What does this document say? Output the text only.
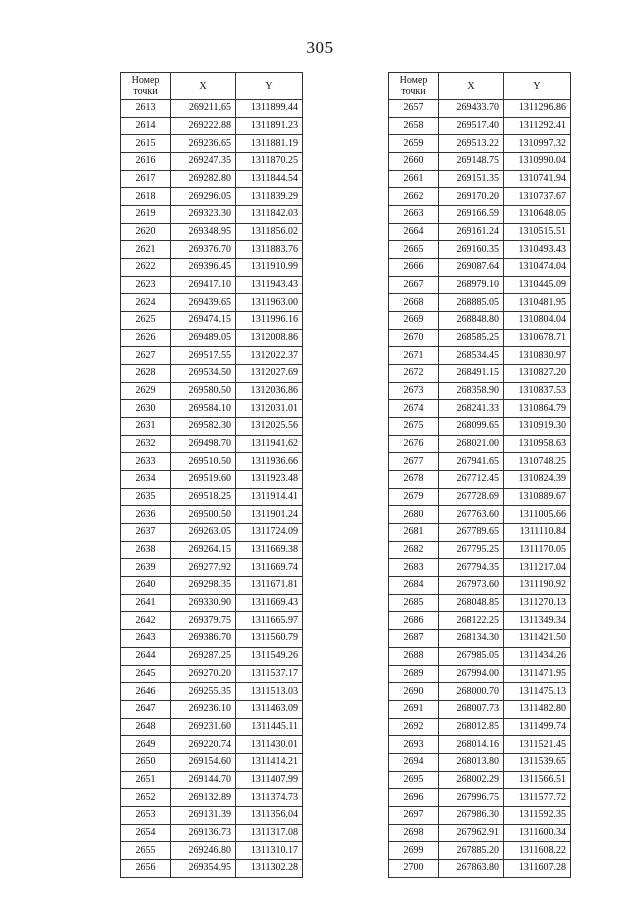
305
Номер
точки	X	Y
2613	269211.65	1311899.44
2614	269222.88	1311891.23
2615	269236.65	1311881.19
2616	269247.35	1311870.25
2617	269282.80	1311844.54
2618	269296.05	1311839.29
2619	269323.30	1311842.03
2620	269348.95	1311856.02
2621	269376.70	1311883.76
2622	269396.45	1311910.99
2623	269417.10	1311943.43
2624	269439.65	1311963.00
2625	269474.15	1311996.16
2626	269489.05	1312008.86
2627	269517.55	1312022.37
2628	269534.50	1312027.69
2629	269580.50	1312036.86
2630	269584.10	1312031.01
2631	269582.30	1312025.56
2632	269498.70	1311941.62
2633	269510.50	1311936.66
2634	269519.60	1311923.48
2635	269518.25	1311914.41
2636	269500.50	1311901.24
2637	269263.05	1311724.09
2638	269264.15	1311669.38
2639	269277.92	1311669.74
2640	269298.35	1311671.81
2641	269330.90	1311669.43
2642	269379.75	1311665.97
2643	269386.70	1311560.79
2644	269287.25	1311549.26
2645	269270.20	1311537.17
2646	269255.35	1311513.03
2647	269236.10	1311463.09
2648	269231.60	1311445.11
2649	269220.74	1311430.01
2650	269154.60	1311414.21
2651	269144.70	1311407.99
2652	269132.89	1311374.73
2653	269131.39	1311356.04
2654	269136.73	1311317.08
2655	269246.80	1311310.17
2656	269354.95	1311302.28
Номер
точки	X	Y
2657	269433.70	1311296.86
2658	269517.40	1311292.41
2659	269513.22	1310997.32
2660	269148.75	1310990.04
2661	269151.35	1310741.94
2662	269170.20	1310737.67
2663	269166.59	1310648.05
2664	269161.24	1310515.51
2665	269160.35	1310493.43
2666	269087.64	1310474.04
2667	268979.10	1310445.09
2668	268885.05	1310481.95
2669	268848.80	1310804.04
2670	268585.25	1310678.71
2671	268534.45	1310830.97
2672	268491.15	1310827.20
2673	268358.90	1310837.53
2674	268241.33	1310864.79
2675	268099.65	1310919.30
2676	268021.00	1310958.63
2677	267941.65	1310748.25
2678	267712.45	1310824.39
2679	267728.69	1310889.67
2680	267763.60	1311005.66
2681	267789.65	1311110.84
2682	267795.25	1311170.05
2683	267794.35	1311217.04
2684	267973.60	1311190.92
2685	268048.85	1311270.13
2686	268122.25	1311349.34
2687	268134.30	1311421.50
2688	267985.05	1311434.26
2689	267994.00	1311471.95
2690	268000.70	1311475.13
2691	268007.73	1311482.80
2692	268012.85	1311499.74
2693	268014.16	1311521.45
2694	268013.80	1311539.65
2695	268002.29	1311566.51
2696	267996.75	1311577.72
2697	267986.30	1311592.35
2698	267962.91	1311600.34
2699	267885.20	1311608.22
2700	267863.80	1311607.28
